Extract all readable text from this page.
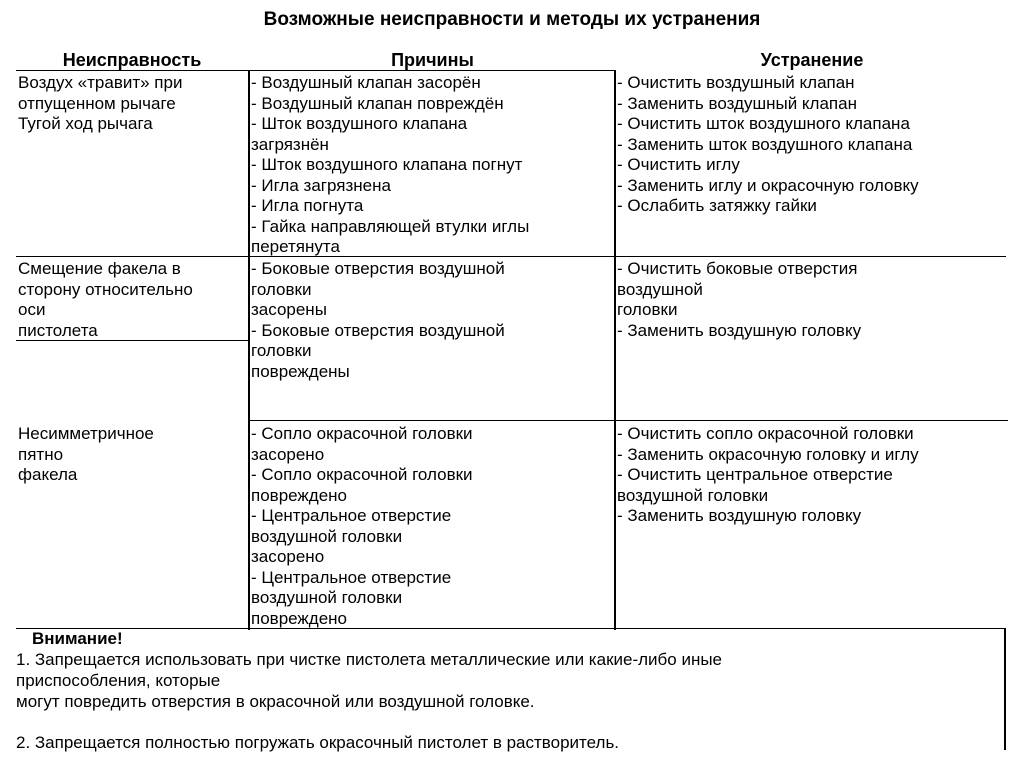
Возможные неисправности и методы их устранения
Неисправность	Причины	Устранение
Воздух «травит» при
отпущенном рычаге
Тугой ход рычага
- Воздушный клапан засорён
- Воздушный клапан повреждён
- Шток воздушного клапана
загрязнён
- Шток воздушного клапана погнут
- Игла загрязнена
- Игла погнута
- Гайка направляющей втулки иглы
перетянута
- Очистить воздушный клапан
- Заменить воздушный клапан
- Очистить шток воздушного клапана
- Заменить шток воздушного клапана
- Очистить иглу
- Заменить иглу и окрасочную головку
- Ослабить затяжку гайки
Смещение факела в
сторону относительно
оси
пистолета
- Боковые отверстия воздушной
головки
засорены
- Боковые отверстия воздушной
головки
повреждены
- Очистить боковые отверстия
воздушной
головки
- Заменить воздушную головку
Несимметричное
пятно
факела
- Сопло окрасочной головки
засорено
- Сопло окрасочной головки
повреждено
- Центральное отверстие
воздушной головки
засорено
- Центральное отверстие
воздушной головки
повреждено
- Очистить сопло окрасочной головки
- Заменить окрасочную головку и иглу
- Очистить центральное отверстие
воздушной головки
- Заменить воздушную головку
Внимание!
1. Запрещается использовать при чистке пистолета металлические или какие-либо иные
приспособления, которые
могут повредить отверстия в окрасочной или воздушной головке.
2. Запрещается полностью погружать окрасочный пистолет в растворитель.
